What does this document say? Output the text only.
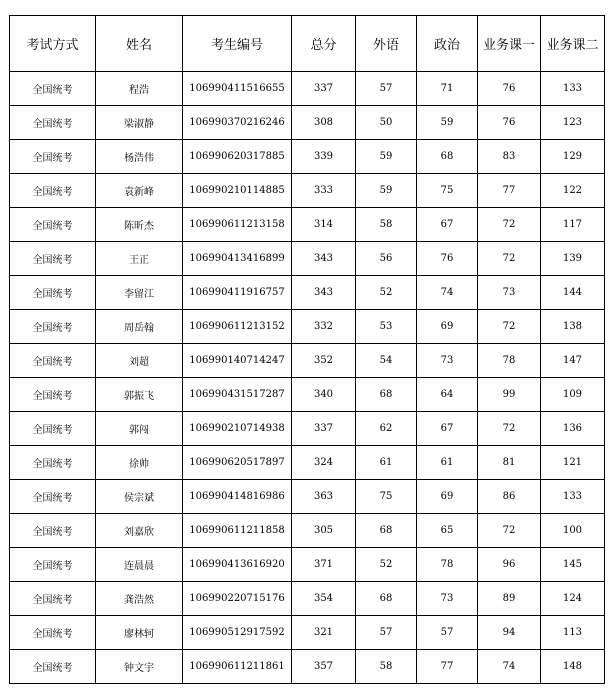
考试方式	姓名	考生编号	总分	外语	政治	业务课一	业务课二
全国统考	程浩	106990411516655	337	57	71	76	133
全国统考	梁淑静	106990370216246	308	50	59	76	123
全国统考	杨浩伟	106990620317885	339	59	68	83	129
全国统考	袁新峰	106990210114885	333	59	75	77	122
全国统考	陈昕杰	106990611213158	314	58	67	72	117
全国统考	王正	106990413416899	343	56	76	72	139
全国统考	李留江	106990411916757	343	52	74	73	144
全国统考	周岳翰	106990611213152	332	53	69	72	138
全国统考	刘超	106990140714247	352	54	73	78	147
全国统考	郭振飞	106990431517287	340	68	64	99	109
全国统考	郭闯	106990210714938	337	62	67	72	136
全国统考	徐帅	106990620517897	324	61	61	81	121
全国统考	侯宗斌	106990414816986	363	75	69	86	133
全国统考	刘嘉欣	106990611211858	305	68	65	72	100
全国统考	连晨晨	106990413616920	371	52	78	96	145
全国统考	龚浩然	106990220715176	354	68	73	89	124
全国统考	廖林轲	106990512917592	321	57	57	94	113
全国统考	钟文宇	106990611211861	357	58	77	74	148
